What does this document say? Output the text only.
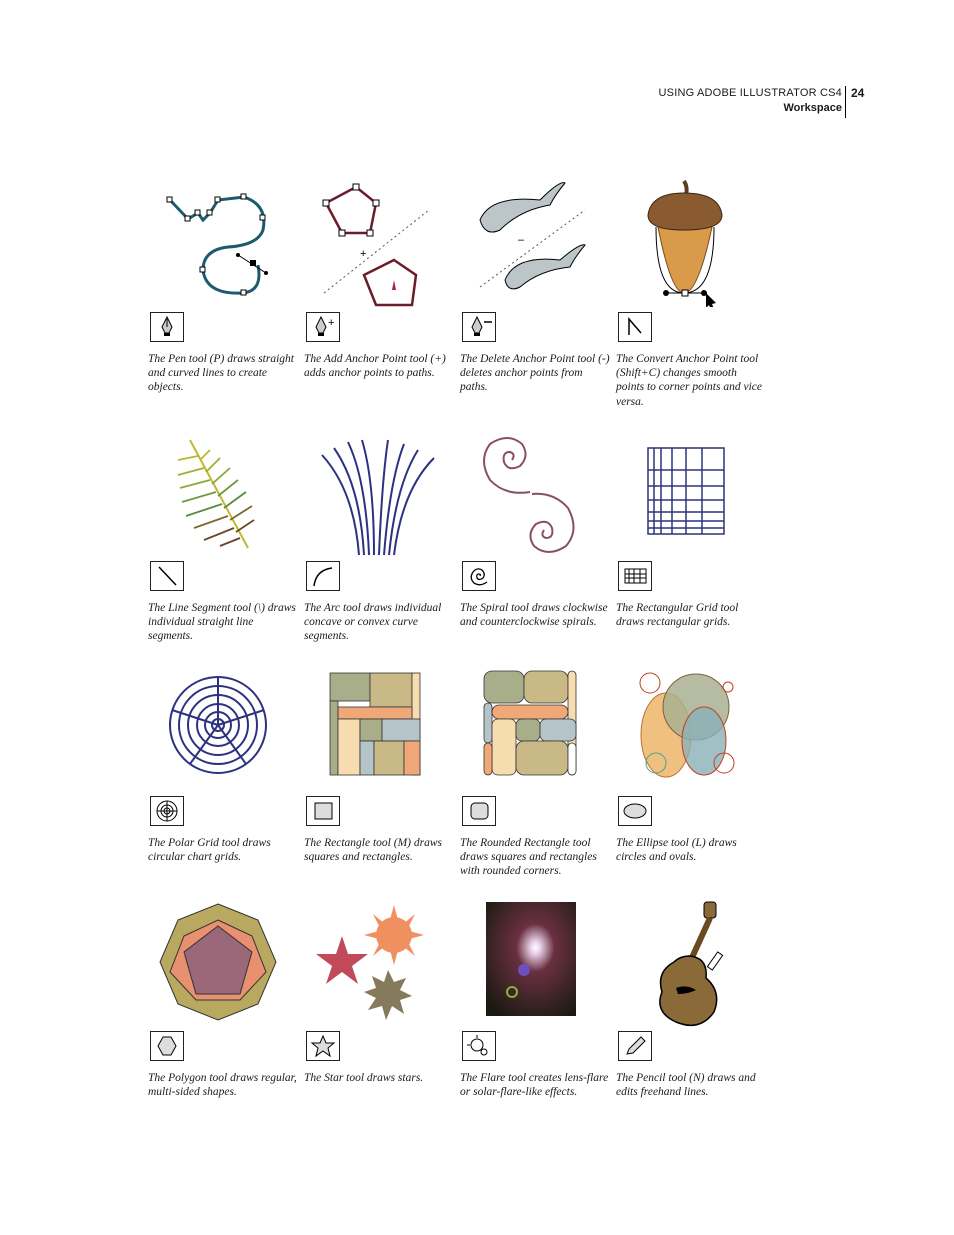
USING ADOBE ILLUSTRATOR CS4
Workspace
24
The Pen tool (P) draws straight and curved lines to create objects.
+
+
The Add Anchor Point tool (+) adds anchor points to paths.
–
The Delete Anchor Point tool (-) deletes anchor points from paths.
The Convert Anchor Point tool (Shift+C) changes smooth points to corner points and vice versa.
The Line Segment tool (\) draws individual straight line segments.
The Arc tool draws individual concave or convex curve segments.
The Spiral tool draws clockwise and counterclockwise spirals.
The Rectangular Grid tool draws rectangular grids.
The Polar Grid tool draws circular chart grids.
The Rectangle tool (M) draws squares and rectangles.
The Rounded Rectangle tool draws squares and rectangles with rounded corners.
The Ellipse tool (L) draws circles and ovals.
The Polygon tool draws regular, multi-sided shapes.
The Star tool draws stars.	The Flare tool creates lens-flare or solar-flare-like effects.
The Pencil tool (N) draws and edits freehand lines.
